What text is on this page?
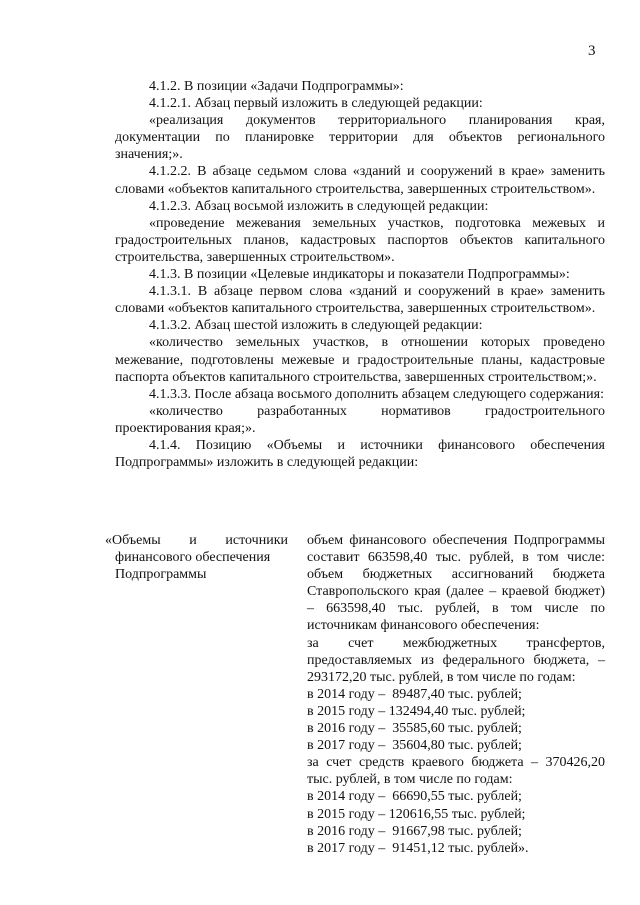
3

4.1.2. В позиции «Задачи Подпрограммы»:

4.1.2.1. Абзац первый изложить в следующей редакции:

«реализация документов территориального планирования края, документации по планировке территории для объектов регионального значения;».

4.1.2.2. В абзаце седьмом слова «зданий и сооружений в крае» заменить словами «объектов капитального строительства, завершенных строительством».

4.1.2.3. Абзац восьмой изложить в следующей редакции:

«проведение межевания земельных участков, подготовка межевых и градостроительных планов, кадастровых паспортов объектов капитального строительства, завершенных строительством».

4.1.3. В позиции «Целевые индикаторы и показатели Подпрограммы»:

4.1.3.1. В абзаце первом слова «зданий и сооружений в крае» заменить словами «объектов капитального строительства, завершенных строительством».

4.1.3.2. Абзац шестой изложить в следующей редакции:

«количество земельных участков, в отношении которых проведено межевание, подготовлены межевые и градостроительные планы, кадастровые паспорта объектов капитального строительства, завершенных строительством;».

4.1.3.3. После абзаца восьмого дополнить абзацем следующего содержания:

«количество разработанных нормативов градостроительного проектирования края;».

4.1.4. Позицию «Объемы и источники финансового обеспечения Подпрограммы» изложить в следующей редакции:

«Объемы и источники
финансового обеспечения
Подпрограммы

объем финансового обеспечения Подпрограммы составит 663598,40 тыс. рублей, в том числе: объем бюджетных ассигнований бюджета Ставропольского края (далее – краевой бюджет) – 663598,40 тыс. рублей, в том числе по источникам финансового обеспечения:

за счет межбюджетных трансфертов, предоставляемых из федерального бюджета, – 293172,20 тыс. рублей, в том числе по годам:

в 2014 году –  89487,40 тыс. рублей;

в 2015 году – 132494,40 тыс. рублей;

в 2016 году –  35585,60 тыс. рублей;

в 2017 году –  35604,80 тыс. рублей;

за счет средств краевого бюджета – 370426,20 тыс. рублей, в том числе по годам:

в 2014 году –  66690,55 тыс. рублей;

в 2015 году – 120616,55 тыс. рублей;

в 2016 году –  91667,98 тыс. рублей;

в 2017 году –  91451,12 тыс. рублей».
